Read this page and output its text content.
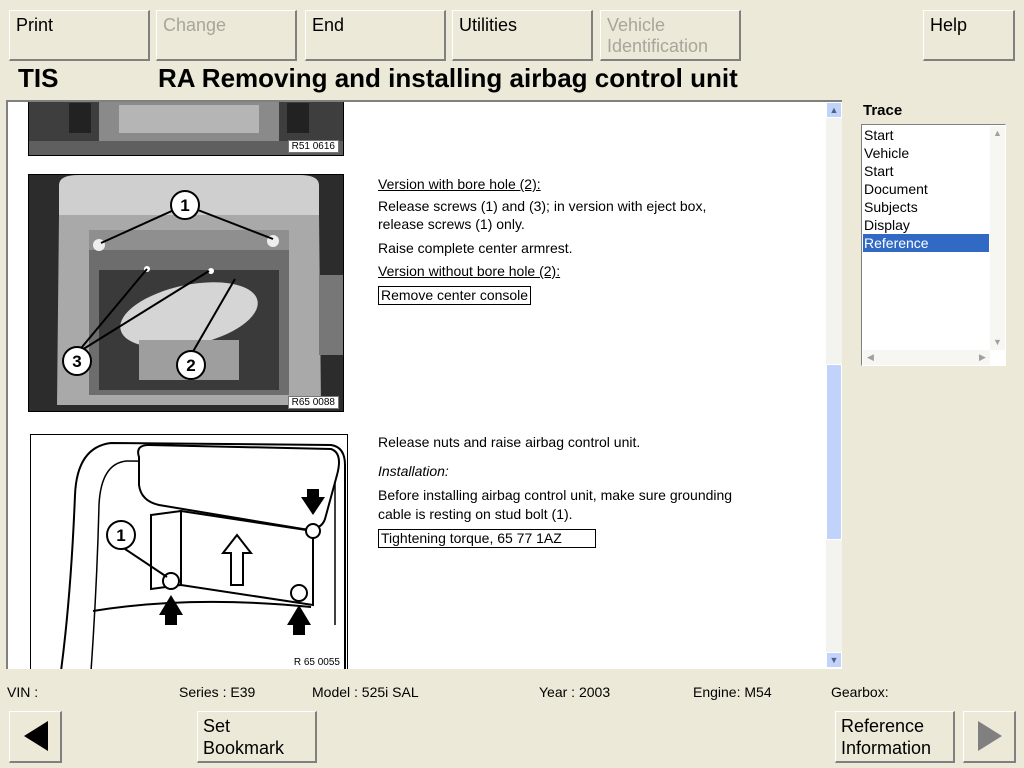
Print	Change	End	Utilities	Vehicle
Identification
Help
TIS	RA Removing and installing airbag control unit
R51 0616
1
3	2
R65 0088
1
R 65 0055
Version with bore hole (2):
Release screws (1) and (3); in version with eject box,
release screws (1) only.
Raise complete center armrest.
Version without bore hole (2):
Remove center console
Release nuts and raise airbag control unit.
Installation:
Before installing airbag control unit, make sure grounding
cable is resting on stud bolt (1).
Tightening torque, 65 77 1AZ
▲
▼
Trace
Start
Vehicle
Start
Document
Subjects
Display
Reference
▲
▼
◀	▶
VIN :	Series : E39	Model : 525i SAL	Year : 2003	Engine: M54	Gearbox:
Set
Bookmark
Reference
Information
